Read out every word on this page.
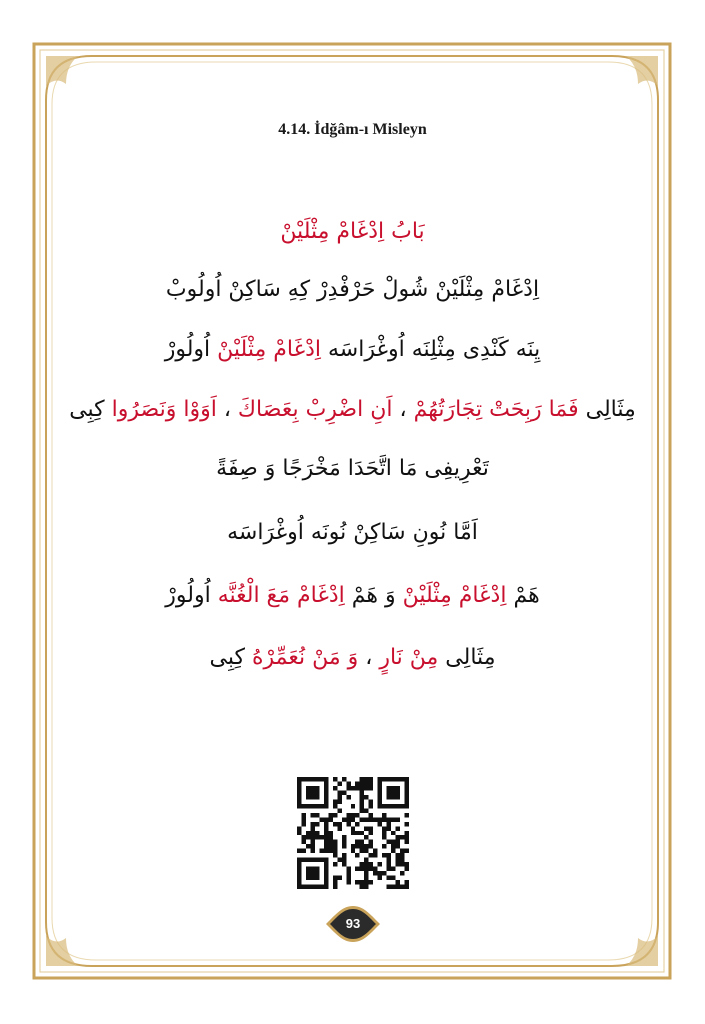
4.14. İdğâm-ı Misleyn
بَابُ اِدْغَامْ مِثْلَيْنْ
اِدْغَامْ مِثْلَيْنْ شُولْ حَرْفْدِرْ كِهِ سَاكِنْ اُولُوبْ
يِنَه كَنْدِى مِثْلِنَه اُوغْرَاسَه اِدْغَامْ مِثْلَيْنْ اُولُورْ
مِثَالِى فَمَا رَبِحَتْ تِجَارَتُهُمْ ، اَنِ اضْرِبْ بِعَصَاكَ ، اَوَوْا وَنَصَرُوا كِبِى
تَعْرِيفِى مَا اتَّحَدَا مَخْرَجًا وَ صِفَةً
اَمَّا نُونِ سَاكِنْ نُونَه اُوغْرَاسَه
هَمْ اِدْغَامْ مِثْلَيْنْ وَ هَمْ اِدْغَامْ مَعَ الْغُنَّه اُولُورْ
مِثَالِى مِنْ نَارٍ ، وَ مَنْ نُعَمِّرْهُ كِبِى
93
